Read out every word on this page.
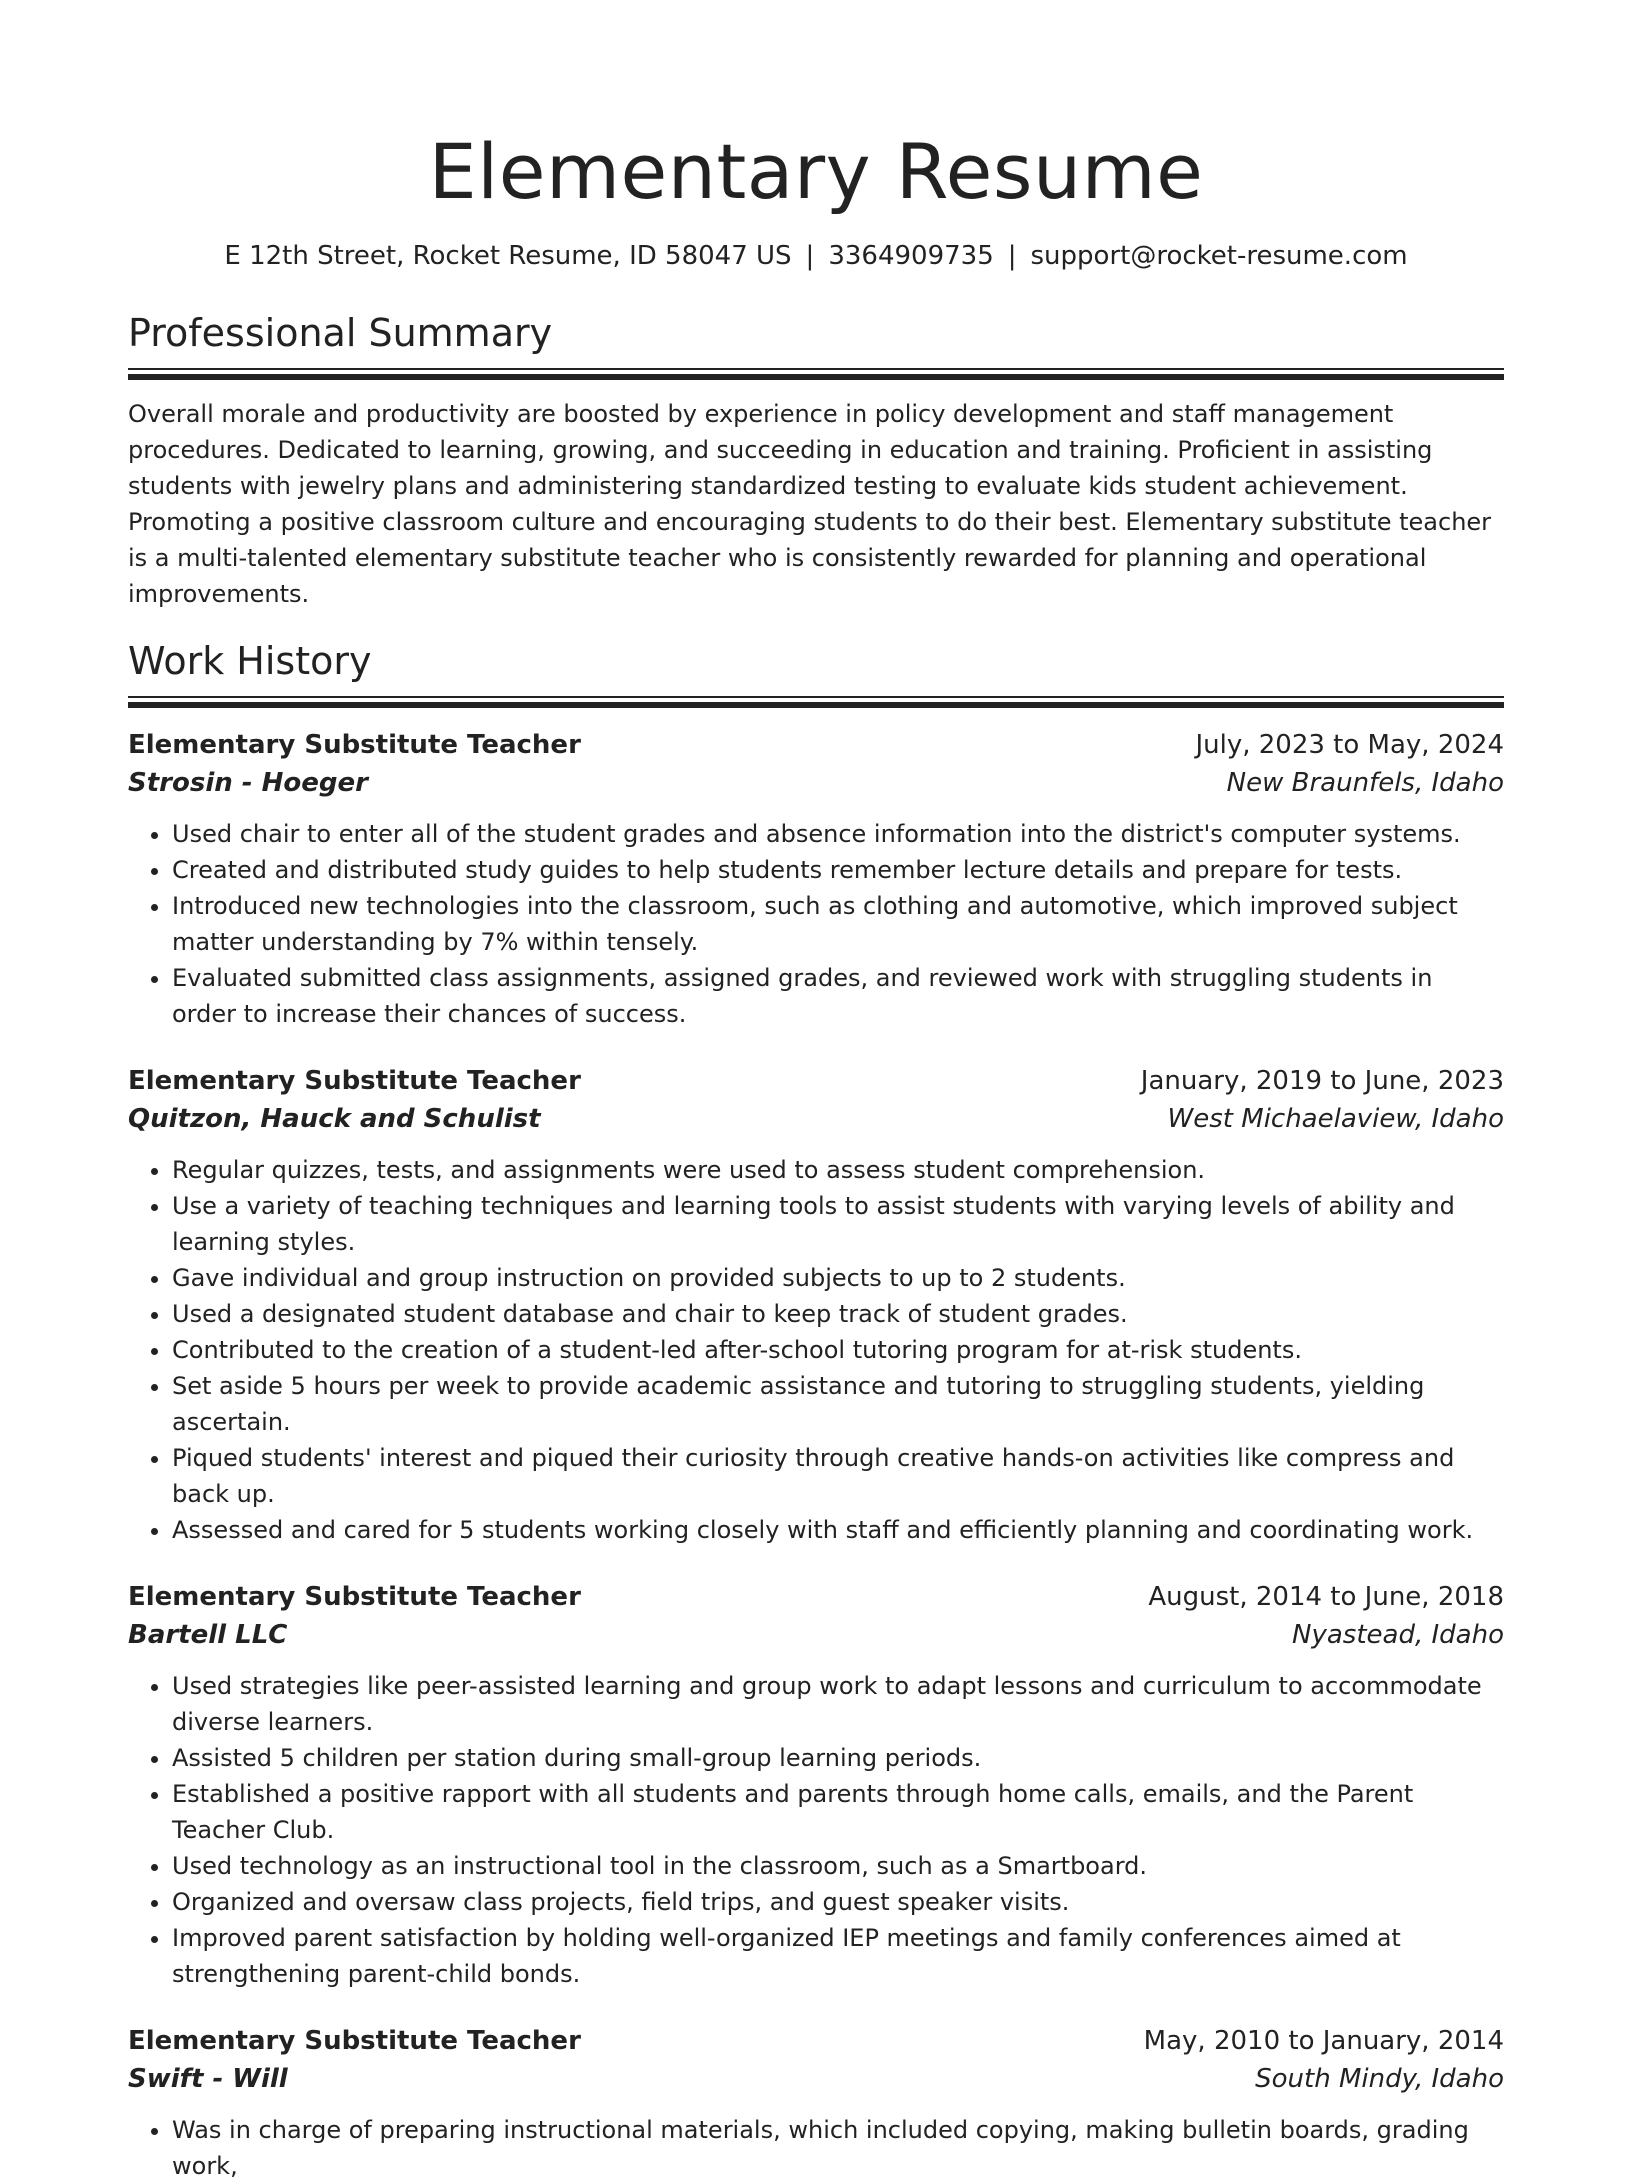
Elementary Resume
E 12th Street, Rocket Resume, ID 58047 US | 3364909735 | support@rocket-resume.com
Professional Summary

Overall morale and productivity are boosted by experience in policy development and staff management procedures. Dedicated to learning, growing, and succeeding in education and training. Proficient in assisting students with jewelry plans and administering standardized testing to evaluate kids student achievement. Promoting a positive classroom culture and encouraging students to do their best. Elementary substitute teacher is a multi-talented elementary substitute teacher who is consistently rewarded for planning and operational improvements.

Work History
Elementary Substitute Teacher	July, 2023 to May, 2024
Strosin - Hoeger	New Braunfels, Idaho
• Used chair to enter all of the student grades and absence information into the district's computer systems.
• Created and distributed study guides to help students remember lecture details and prepare for tests.
• Introduced new technologies into the classroom, such as clothing and automotive, which improved subject matter understanding by 7% within tensely.
• Evaluated submitted class assignments, assigned grades, and reviewed work with struggling students in order to increase their chances of success.
Elementary Substitute Teacher	January, 2019 to June, 2023
Quitzon, Hauck and Schulist	West Michaelaview, Idaho
• Regular quizzes, tests, and assignments were used to assess student comprehension.
• Use a variety of teaching techniques and learning tools to assist students with varying levels of ability and learning styles.
• Gave individual and group instruction on provided subjects to up to 2 students.
• Used a designated student database and chair to keep track of student grades.
• Contributed to the creation of a student-led after-school tutoring program for at-risk students.
• Set aside 5 hours per week to provide academic assistance and tutoring to struggling students, yielding ascertain.
• Piqued students' interest and piqued their curiosity through creative hands-on activities like compress and back up.
• Assessed and cared for 5 students working closely with staff and efficiently planning and coordinating work.
Elementary Substitute Teacher	August, 2014 to June, 2018
Bartell LLC	Nyastead, Idaho
• Used strategies like peer-assisted learning and group work to adapt lessons and curriculum to accommodate diverse learners.
• Assisted 5 children per station during small-group learning periods.
• Established a positive rapport with all students and parents through home calls, emails, and the Parent Teacher Club.
• Used technology as an instructional tool in the classroom, such as a Smartboard.
• Organized and oversaw class projects, field trips, and guest speaker visits.
• Improved parent satisfaction by holding well-organized IEP meetings and family conferences aimed at strengthening parent-child bonds.
Elementary Substitute Teacher	May, 2010 to January, 2014
Swift - Will	South Mindy, Idaho
• Was in charge of preparing instructional materials, which included copying, making bulletin boards, grading work,
